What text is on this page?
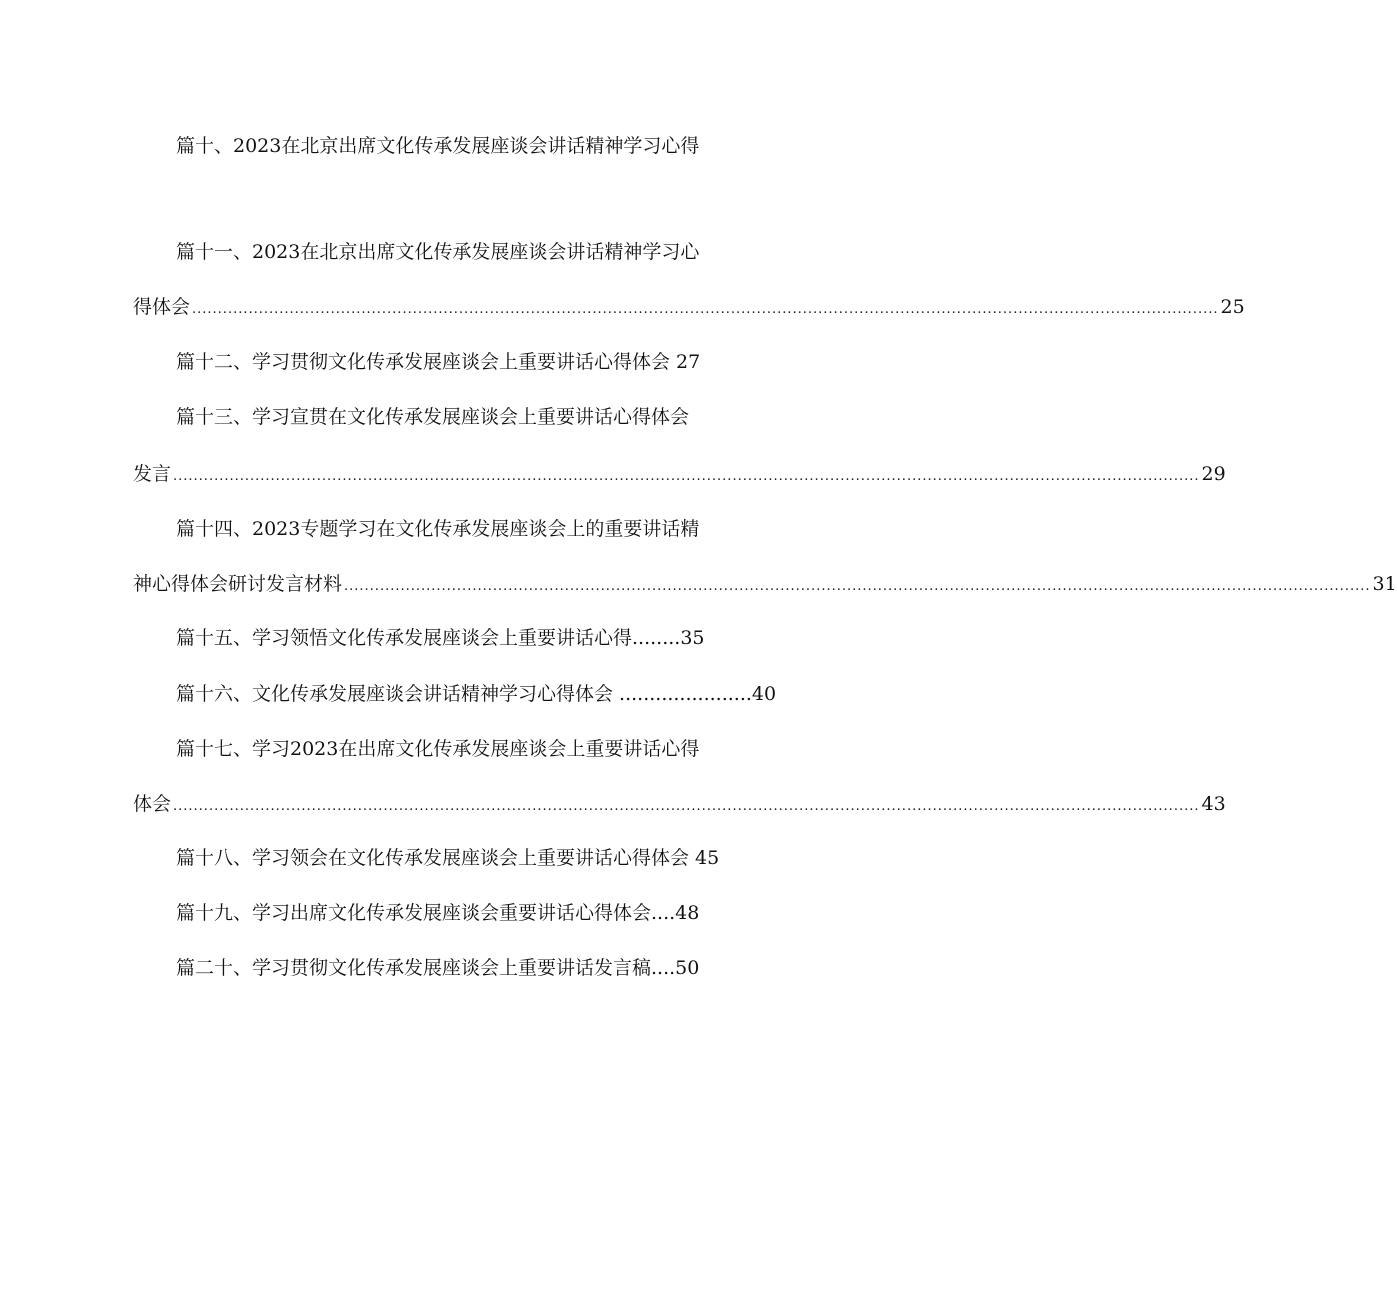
篇十、2023在北京出席文化传承发展座谈会讲话精神学习心得
篇十一、2023在北京出席文化传承发展座谈会讲话精神学习心
得体会 ........................................................................................................................................................................................................ 25
篇十二、学习贯彻文化传承发展座谈会上重要讲话心得体会 27
篇十三、学习宣贯在文化传承发展座谈会上重要讲话心得体会
发言 ........................................................................................................................................................................................................ 29
篇十四、2023专题学习在文化传承发展座谈会上的重要讲话精
神心得体会研讨发言材料 ........................................................................................................................................................................................................ 31
篇十五、学习领悟文化传承发展座谈会上重要讲话心得........35
篇十六、文化传承发展座谈会讲话精神学习心得体会 ......................40
篇十七、学习2023在出席文化传承发展座谈会上重要讲话心得
体会 ........................................................................................................................................................................................................ 43
篇十八、学习领会在文化传承发展座谈会上重要讲话心得体会 45
篇十九、学习出席文化传承发展座谈会重要讲话心得体会....48
篇二十、学习贯彻文化传承发展座谈会上重要讲话发言稿....50
